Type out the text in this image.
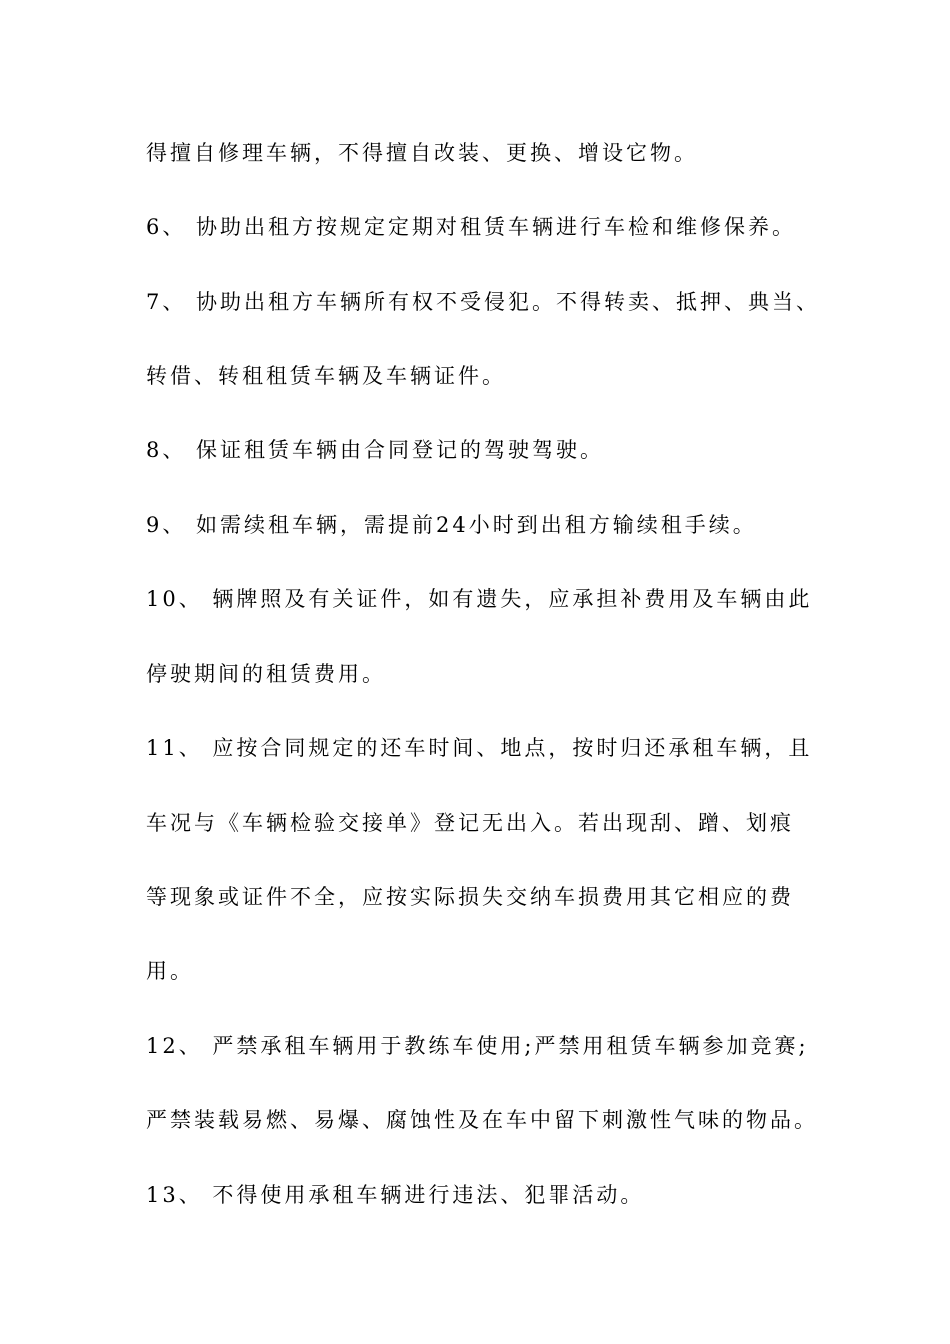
得擅自修理车辆，不得擅自改装、更换、增设它物。
6、 协助出租方按规定定期对租赁车辆进行车检和维修保养。
7、 协助出租方车辆所有权不受侵犯。不得转卖、抵押、典当、
转借、转租租赁车辆及车辆证件。
8、 保证租赁车辆由合同登记的驾驶驾驶。
9、 如需续租车辆，需提前24小时到出租方输续租手续。
10、 辆牌照及有关证件，如有遗失，应承担补费用及车辆由此
停驶期间的租赁费用。
11、 应按合同规定的还车时间、地点，按时归还承租车辆，且
车况与《车辆检验交接单》登记无出入。若出现刮、蹭、划痕
等现象或证件不全，应按实际损失交纳车损费用其它相应的费
用。
12、 严禁承租车辆用于教练车使用;严禁用租赁车辆参加竞赛;
严禁装载易燃、易爆、腐蚀性及在车中留下刺激性气味的物品。
13、 不得使用承租车辆进行违法、犯罪活动。
